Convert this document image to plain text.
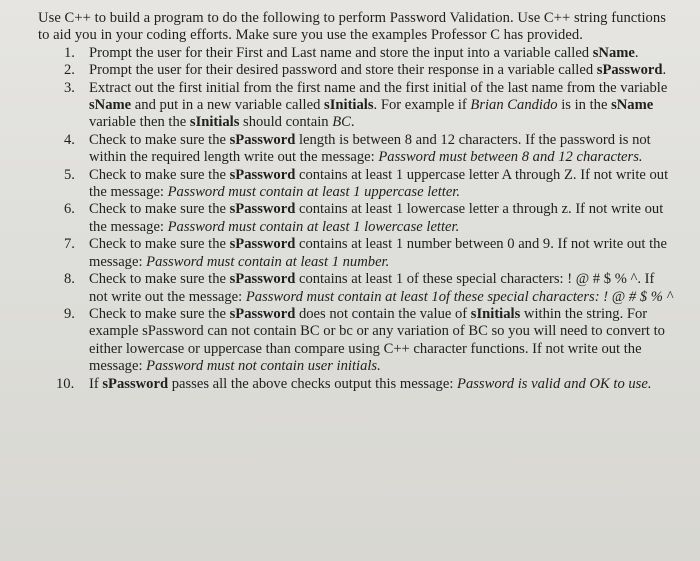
Use C++ to build a program to do the following to perform Password Validation. Use C++ string functions to aid you in your coding efforts. Make sure you use the examples Professor C has provided.

1. Prompt the user for their First and Last name and store the input into a variable called sName.
2. Prompt the user for their desired password and store their response in a variable called sPassword.
3. Extract out the first initial from the first name and the first initial of the last name from the variable sName and put in a new variable called sInitials. For example if Brian Candido is in the sName variable then the sInitials should contain BC.
4. Check to make sure the sPassword length is between 8 and 12 characters. If the password is not within the required length write out the message: Password must between 8 and 12 characters.
5. Check to make sure the sPassword contains at least 1 uppercase letter A through Z. If not write out the message: Password must contain at least 1 uppercase letter.
6. Check to make sure the sPassword contains at least 1 lowercase letter a through z. If not write out the message: Password must contain at least 1 lowercase letter.
7. Check to make sure the sPassword contains at least 1 number between 0 and 9. If not write out the message: Password must contain at least 1 number.
8. Check to make sure the sPassword contains at least 1 of these special characters: ! @ # $ % ^. If not write out the message: Password must contain at least 1of these special characters: ! @ # $ % ^
9. Check to make sure the sPassword does not contain the value of sInitials within the string. For example sPassword can not contain BC or bc or any variation of BC so you will need to convert to either lowercase or uppercase than compare using C++ character functions. If not write out the message: Password must not contain user initials.
10. If sPassword passes all the above checks output this message: Password is valid and OK to use.
